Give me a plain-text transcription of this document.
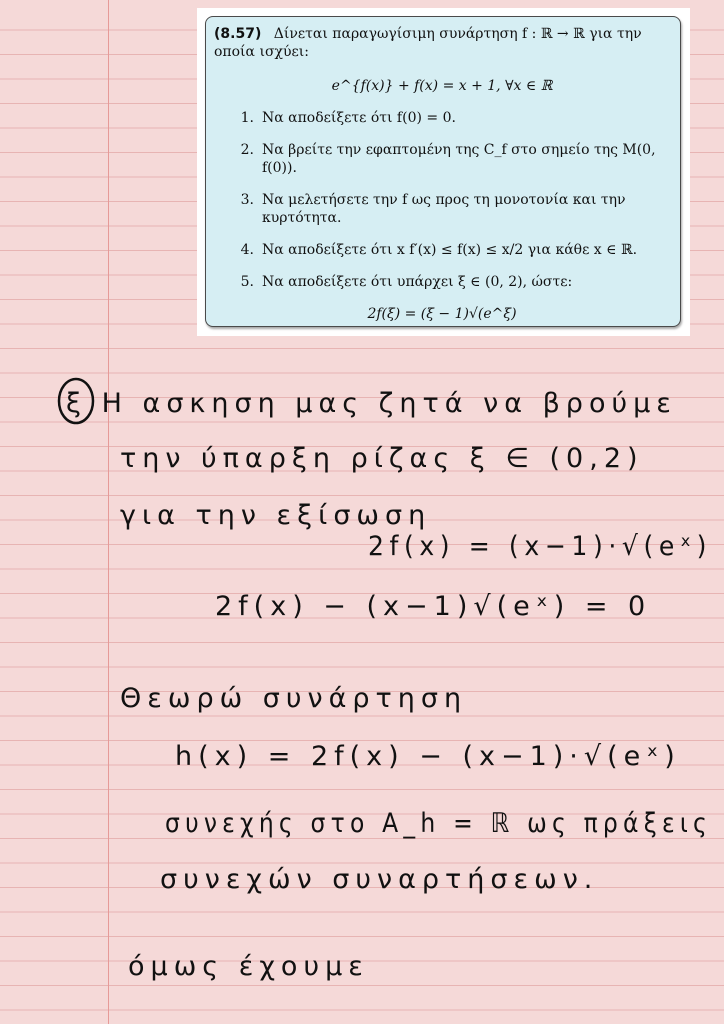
(8.57) Δίνεται παραγωγίσιμη συνάρτηση f : ℝ → ℝ για την οποία ισχύει:

e^{f(x)} + f(x) = x + 1, ∀x ∈ ℝ
1. Να αποδείξετε ότι f(0) = 0.
2. Να βρείτε την εφαπτομένη της C_f στο σημείο της M(0, f(0)).
3. Να μελετήσετε την f ως προς τη μονοτονία και την κυρτότητα.
4. Να αποδείξετε ότι x f′(x) ≤ f(x) ≤ x/2 για κάθε x ∈ ℝ.
5. Να αποδείξετε ότι υπάρχει ξ ∈ (0, 2), ώστε:
2f(ξ) = (ξ − 1)√(e^ξ)
ξ Η ασκηση μας ζητά να βρούμε
την ύπαρξη ρίζας ξ ∈ (0,2)
για την εξίσωση
2f(x) = (x−1)·√(eˣ)
2f(x) − (x−1)√(eˣ) = 0
Θεωρώ συνάρτηση
h(x) = 2f(x) − (x−1)·√(eˣ)
συνεχής στο A_h = ℝ ως πράξεις
συνεχών συναρτήσεων.
όμως έχουμε
